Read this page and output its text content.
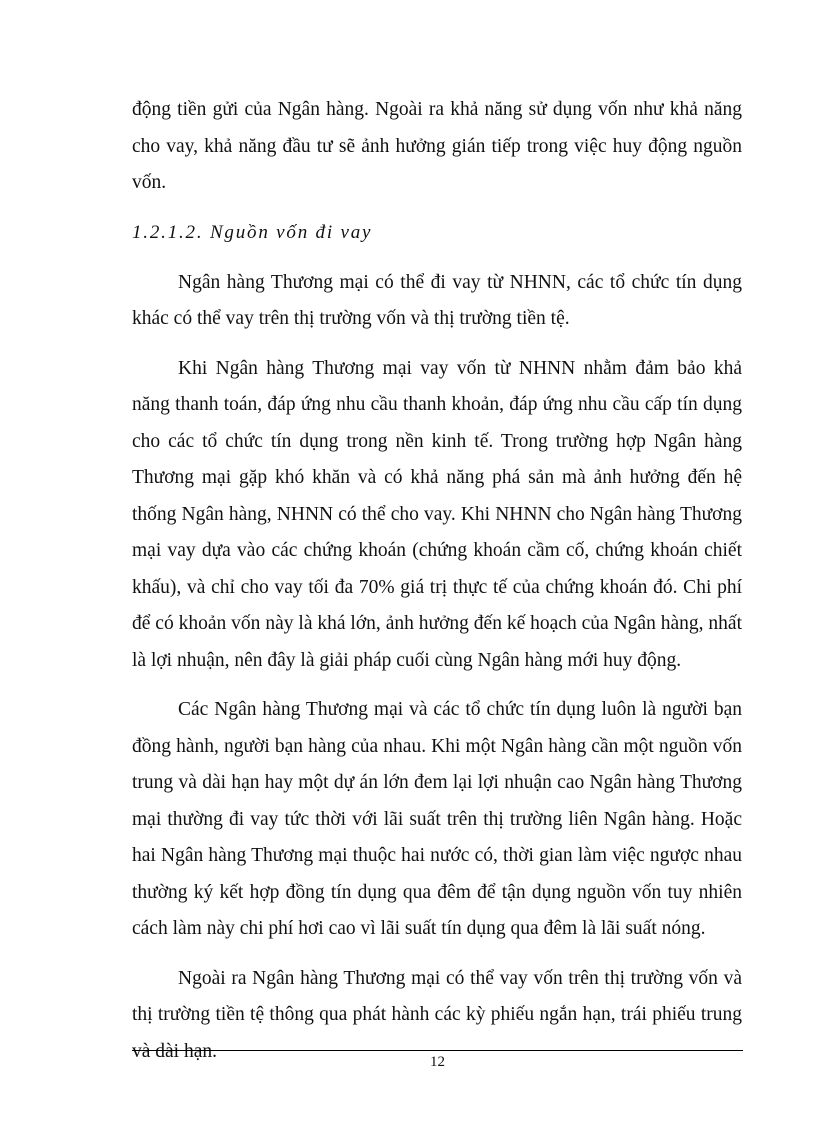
động tiền gửi của Ngân hàng. Ngoài ra khả năng sử dụng vốn như khả năng cho vay, khả năng đầu tư sẽ ảnh hưởng gián tiếp trong việc huy động nguồn vốn.

1.2.1.2. Nguồn vốn đi vay

Ngân hàng Thương mại có thể đi vay từ NHNN, các tổ chức tín dụng khác có thể vay trên thị trường vốn và thị trường tiền tệ.

Khi Ngân hàng Thương mại vay vốn từ NHNN nhằm đảm bảo khả năng thanh toán, đáp ứng nhu cầu thanh khoản, đáp ứng nhu cầu cấp tín dụng cho các tổ chức tín dụng trong nền kinh tế. Trong trường hợp Ngân hàng Thương mại gặp khó khăn và có khả năng phá sản mà ảnh hưởng đến hệ thống Ngân hàng, NHNN có thể cho vay. Khi NHNN cho Ngân hàng Thương mại vay dựa vào các chứng khoán (chứng khoán cầm cố, chứng khoán chiết khấu), và chỉ cho vay tối đa 70% giá trị thực tế của chứng khoán đó. Chi phí để có khoản vốn này là khá lớn, ảnh hưởng đến kế hoạch của Ngân hàng, nhất là lợi nhuận, nên đây là giải pháp cuối cùng Ngân hàng mới huy động.

Các Ngân hàng Thương mại và các tổ chức tín dụng luôn là người bạn đồng hành, người bạn hàng của nhau. Khi một Ngân hàng cần một nguồn vốn trung và dài hạn hay một dự án lớn đem lại lợi nhuận cao Ngân hàng Thương mại thường đi vay tức thời với lãi suất trên thị trường liên Ngân hàng. Hoặc hai Ngân hàng Thương mại thuộc hai nước có, thời gian làm việc ngược nhau thường ký kết hợp đồng tín dụng qua đêm để tận dụng nguồn vốn tuy nhiên cách làm này chi phí hơi cao vì lãi suất tín dụng qua đêm là lãi suất nóng.

Ngoài ra Ngân hàng Thương mại có thể vay vốn trên thị trường vốn và thị trường tiền tệ thông qua phát hành các kỳ phiếu ngắn hạn, trái phiếu trung và dài hạn.

12
